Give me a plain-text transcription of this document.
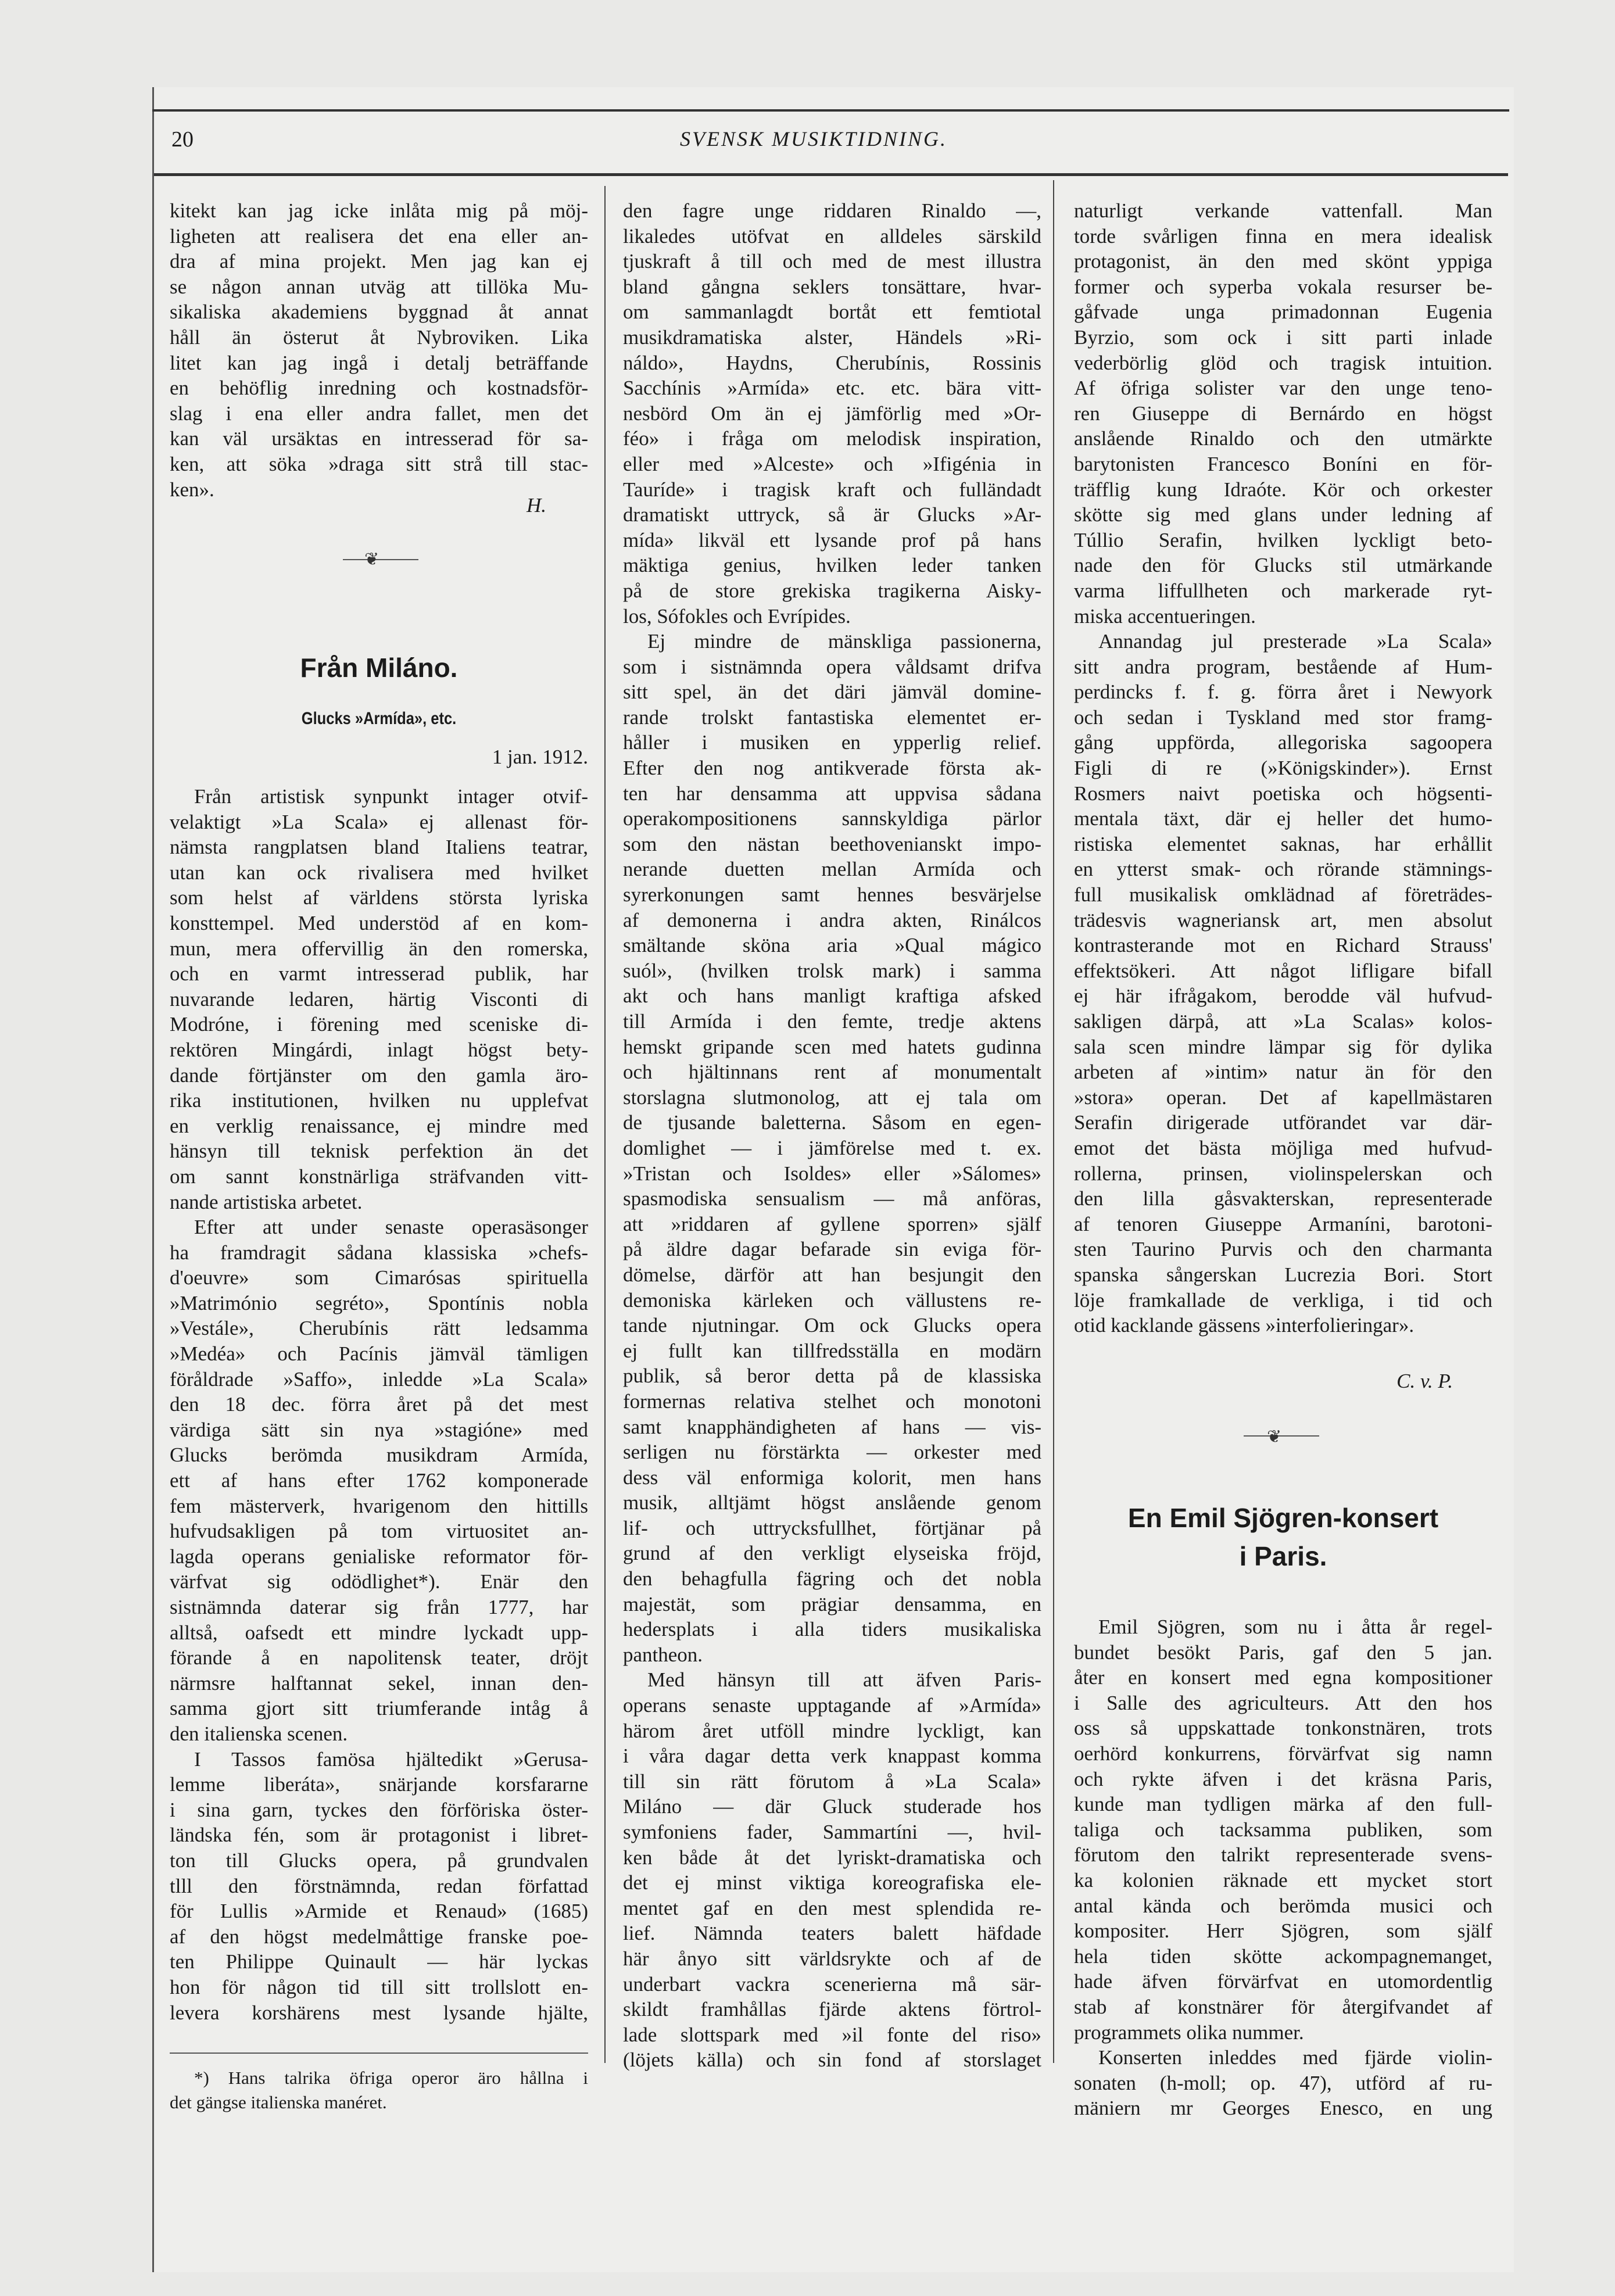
20	SVENSK MUSIKTIDNING.
kitekt kan jag icke inlåta mig på möj-
ligheten att realisera det ena eller an-
dra af mina projekt. Men jag kan ej
se någon annan utväg att tillöka Mu-
sikaliska akademiens byggnad åt annat
håll än österut åt Nybroviken. Lika
litet kan jag ingå i detalj beträffande
en behöflig inredning och kostnadsför-
slag i ena eller andra fallet, men det
kan väl ursäktas en intresserad för sa-
ken, att söka »draga sitt strå till stac-
ken».
H.
❦
Från Miláno.
Glucks »Armída», etc.
1 jan. 1912.
Från artistisk synpunkt intager otvif-
velaktigt »La Scala» ej allenast för-
nämsta rangplatsen bland Italiens teatrar,
utan kan ock rivalisera med hvilket
som helst af världens största lyriska
konsttempel. Med understöd af en kom-
mun, mera offervillig än den romerska,
och en varmt intresserad publik, har
nuvarande ledaren, härtig Visconti di
Modróne, i förening med sceniske di-
rektören Mingárdi, inlagt högst bety-
dande förtjänster om den gamla äro-
rika institutionen, hvilken nu upplefvat
en verklig renaissance, ej mindre med
hänsyn till teknisk perfektion än det
om sannt konstnärliga sträfvanden vitt-
nande artistiska arbetet.
Efter att under senaste operasäsonger
ha framdragit sådana klassiska »chefs-
d'oeuvre» som Cimarósas spirituella
»Matrimónio segréto», Spontínis nobla
»Vestále», Cherubínis rätt ledsamma
»Medéa» och Pacínis jämväl tämligen
föråldrade »Saffo», inledde »La Scala»
den 18 dec. förra året på det mest
värdiga sätt sin nya »stagióne» med
Glucks berömda musikdram Armída,
ett af hans efter 1762 komponerade
fem mästerverk, hvarigenom den hittills
hufvudsakligen på tom virtuositet an-
lagda operans genialiske reformator för-
värfvat sig odödlighet*). Enär den
sistnämnda daterar sig från 1777, har
alltså, oafsedt ett mindre lyckadt upp-
förande å en napolitensk teater, dröjt
närmsre halftannat sekel, innan den-
samma gjort sitt triumferande intåg å
den italienska scenen.
I Tassos famösa hjältedikt »Gerusa-
lemme liberáta», snärjande korsfararne
i sina garn, tyckes den förföriska öster-
ländska fén, som är protagonist i libret-
ton till Glucks opera, på grundvalen
tlll den förstnämnda, redan författad
för Lullis »Armide et Renaud» (1685)
af den högst medelmåttige franske poe-
ten Philippe Quinault — här lyckas
hon för någon tid till sitt trollslott en-
levera korshärens mest lysande hjälte,
*) Hans talrika öfriga operor äro hållna i
det gängse italienska manéret.
den fagre unge riddaren Rinaldo —,
likaledes utöfvat en alldeles särskild
tjuskraft å till och med de mest illustra
bland gångna seklers tonsättare, hvar-
om sammanlagdt bortåt ett femtiotal
musikdramatiska alster, Händels »Ri-
náldo», Haydns, Cherubínis, Rossinis
Sacchínis »Armída» etc. etc. bära vitt-
nesbörd Om än ej jämförlig med »Or-
féo» i fråga om melodisk inspiration,
eller med »Alceste» och »Ifigénia in
Tauríde» i tragisk kraft och fulländadt
dramatiskt uttryck, så är Glucks »Ar-
mída» likväl ett lysande prof på hans
mäktiga genius, hvilken leder tanken
på de store grekiska tragikerna Aisky-
los, Sófokles och Evrípides.
Ej mindre de mänskliga passionerna,
som i sistnämnda opera våldsamt drifva
sitt spel, än det däri jämväl domine-
rande trolskt fantastiska elementet er-
håller i musiken en ypperlig relief.
Efter den nog antikverade första ak-
ten har densamma att uppvisa sådana
operakompositionens sannskyldiga pärlor
som den nästan beethovenianskt impo-
nerande duetten mellan Armída och
syrerkonungen samt hennes besvärjelse
af demonerna i andra akten, Rinálcos
smältande sköna aria »Qual mágico
suól», (hvilken trolsk mark) i samma
akt och hans manligt kraftiga afsked
till Armída i den femte, tredje aktens
hemskt gripande scen med hatets gudinna
och hjältinnans rent af monumentalt
storslagna slutmonolog, att ej tala om
de tjusande baletterna. Såsom en egen-
domlighet — i jämförelse med t. ex.
»Tristan och Isoldes» eller »Sálomes»
spasmodiska sensualism — må anföras,
att »riddaren af gyllene sporren» själf
på äldre dagar befarade sin eviga för-
dömelse, därför att han besjungit den
demoniska kärleken och vällustens re-
tande njutningar. Om ock Glucks opera
ej fullt kan tillfredsställa en modärn
publik, så beror detta på de klassiska
formernas relativa stelhet och monotoni
samt knapphändigheten af hans — vis-
serligen nu förstärkta — orkester med
dess väl enformiga kolorit, men hans
musik, alltjämt högst anslående genom
lif- och uttrycksfullhet, förtjänar på
grund af den verkligt elyseiska fröjd,
den behagfulla fägring och det nobla
majestät, som prägiar densamma, en
hedersplats i alla tiders musikaliska
pantheon.
Med hänsyn till att äfven Paris-
operans senaste upptagande af »Armída»
härom året utföll mindre lyckligt, kan
i våra dagar detta verk knappast komma
till sin rätt förutom å »La Scala»
Miláno — där Gluck studerade hos
symfoniens fader, Sammartíni —, hvil-
ken både åt det lyriskt-dramatiska och
det ej minst viktiga koreografiska ele-
mentet gaf en den mest splendida re-
lief. Nämnda teaters balett häfdade
här ånyo sitt världsrykte och af de
underbart vackra scenerierna må sär-
skildt framhållas fjärde aktens förtrol-
lade slottspark med »il fonte del riso»
(löjets källa) och sin fond af storslaget
naturligt verkande vattenfall. Man
torde svårligen finna en mera idealisk
protagonist, än den med skönt yppiga
former och syperba vokala resurser be-
gåfvade unga primadonnan Eugenia
Byrzio, som ock i sitt parti inlade
vederbörlig glöd och tragisk intuition.
Af öfriga solister var den unge teno-
ren Giuseppe di Bernárdo en högst
anslående Rinaldo och den utmärkte
barytonisten Francesco Boníni en för-
träfflig kung Idraóte. Kör och orkester
skötte sig med glans under ledning af
Túllio Serafin, hvilken lyckligt beto-
nade den för Glucks stil utmärkande
varma liffullheten och markerade ryt-
miska accentueringen.
Annandag jul presterade »La Scala»
sitt andra program, bestående af Hum-
perdincks f. f. g. förra året i Newyork
och sedan i Tyskland med stor framg-
gång uppförda, allegoriska sagoopera
Figli di re (»Königskinder»). Ernst
Rosmers naivt poetiska och högsenti-
mentala täxt, där ej heller det humo-
ristiska elementet saknas, har erhållit
en ytterst smak- och rörande stämnings-
full musikalisk omklädnad af företrädes-
trädesvis wagneriansk art, men absolut
kontrasterande mot en Richard Strauss'
effektsökeri. Att något lifligare bifall
ej här ifrågakom, berodde väl hufvud-
sakligen därpå, att »La Scalas» kolos-
sala scen mindre lämpar sig för dylika
arbeten af »intim» natur än för den
»stora» operan. Det af kapellmästaren
Serafin dirigerade utförandet var där-
emot det bästa möjliga med hufvud-
rollerna, prinsen, violinspelerskan och
den lilla gåsvakterskan, representerade
af tenoren Giuseppe Armaníni, barotoni-
sten Taurino Purvis och den charmanta
spanska sångerskan Lucrezia Bori. Stort
löje framkallade de verkliga, i tid och
otid kacklande gässens »interfolieringar».
C. v. P.
❦
En Emil Sjögren-konsert
i Paris.
Emil Sjögren, som nu i åtta år regel-
bundet besökt Paris, gaf den 5 jan.
åter en konsert med egna kompositioner
i Salle des agriculteurs. Att den hos
oss så uppskattade tonkonstnären, trots
oerhörd konkurrens, förvärfvat sig namn
och rykte äfven i det kräsna Paris,
kunde man tydligen märka af den full-
taliga och tacksamma publiken, som
förutom den talrikt representerade svens-
ka kolonien räknade ett mycket stort
antal kända och berömda musici och
kompositer. Herr Sjögren, som själf
hela tiden skötte ackompagnemanget,
hade äfven förvärfvat en utomordentlig
stab af konstnärer för återgifvandet af
programmets olika nummer.
Konserten inleddes med fjärde violin-
sonaten (h-moll; op. 47), utförd af ru-
mäniern mr Georges Enesco, en ung
